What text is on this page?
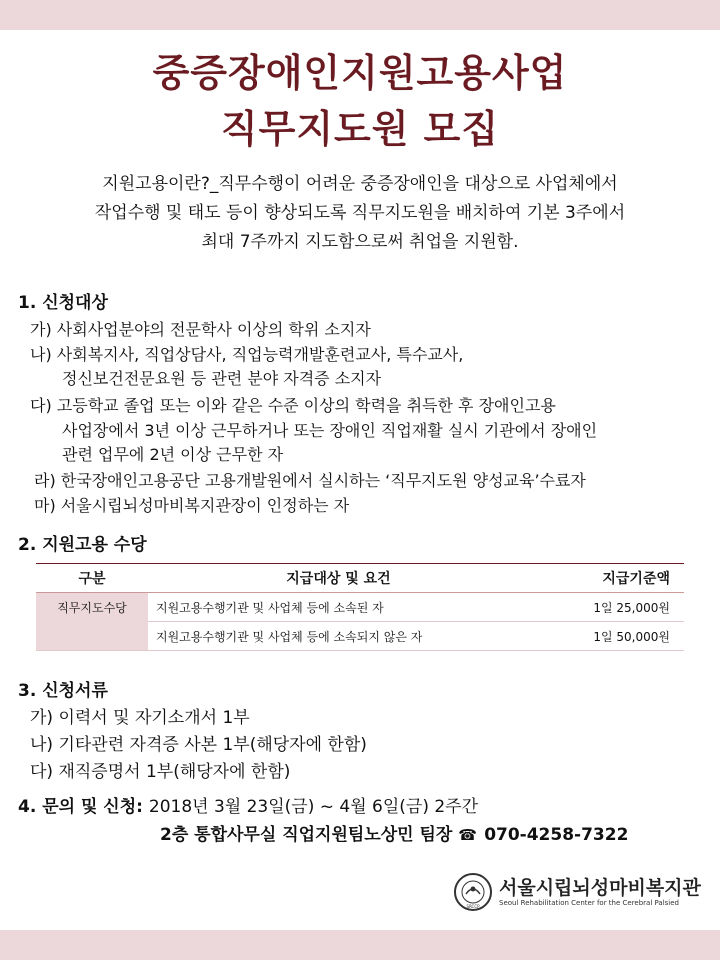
중증장애인지원고용사업
직무지도원 모집
지원고용이란?_직무수행이 어려운 중증장애인을 대상으로 사업체에서
작업수행 및 태도 등이 향상되도록 직무지도원을 배치하여 기본 3주에서
최대 7주까지 지도함으로써 취업을 지원함.
1. 신청대상
가) 사회사업분야의 전문학사 이상의 학위 소지자
나) 사회복지사, 직업상담사, 직업능력개발훈련교사, 특수교사,
정신보건전문요원 등 관련 분야 자격증 소지자
다) 고등학교 졸업 또는 이와 같은 수준 이상의 학력을 취득한 후 장애인고용
사업장에서 3년 이상 근무하거나 또는 장애인 직업재활 실시 기관에서 장애인
관련 업무에 2년 이상 근무한 자
라) 한국장애인고용공단 고용개발원에서 실시하는 ‘직무지도원 양성교육’수료자
마) 서울시립뇌성마비복지관장이 인정하는 자
2. 지원고용 수당
구분	지급대상 및 요건	지급기준액
직무지도수당	지원고용수행기관 및 사업체 등에 소속된 자	1일 25,000원
	지원고용수행기관 및 사업체 등에 소속되지 않은 자	1일 50,000원
3. 신청서류
가) 이력서 및 자기소개서 1부
나) 기타관련 자격증 사본 1부(해당자에 한함)
다) 재직증명서 1부(해당자에 한함)
4. 문의 및 신청: 2018년 3월 23일(금) ~ 4월 6일(금) 2주간
2층 통합사무실 직업지원팀노상민 팀장 ☎ 070-4258-7322
SRCCP
서울시립뇌성마비복지관
Seoul Rehabilitation Center for the Cerebral Palsied
